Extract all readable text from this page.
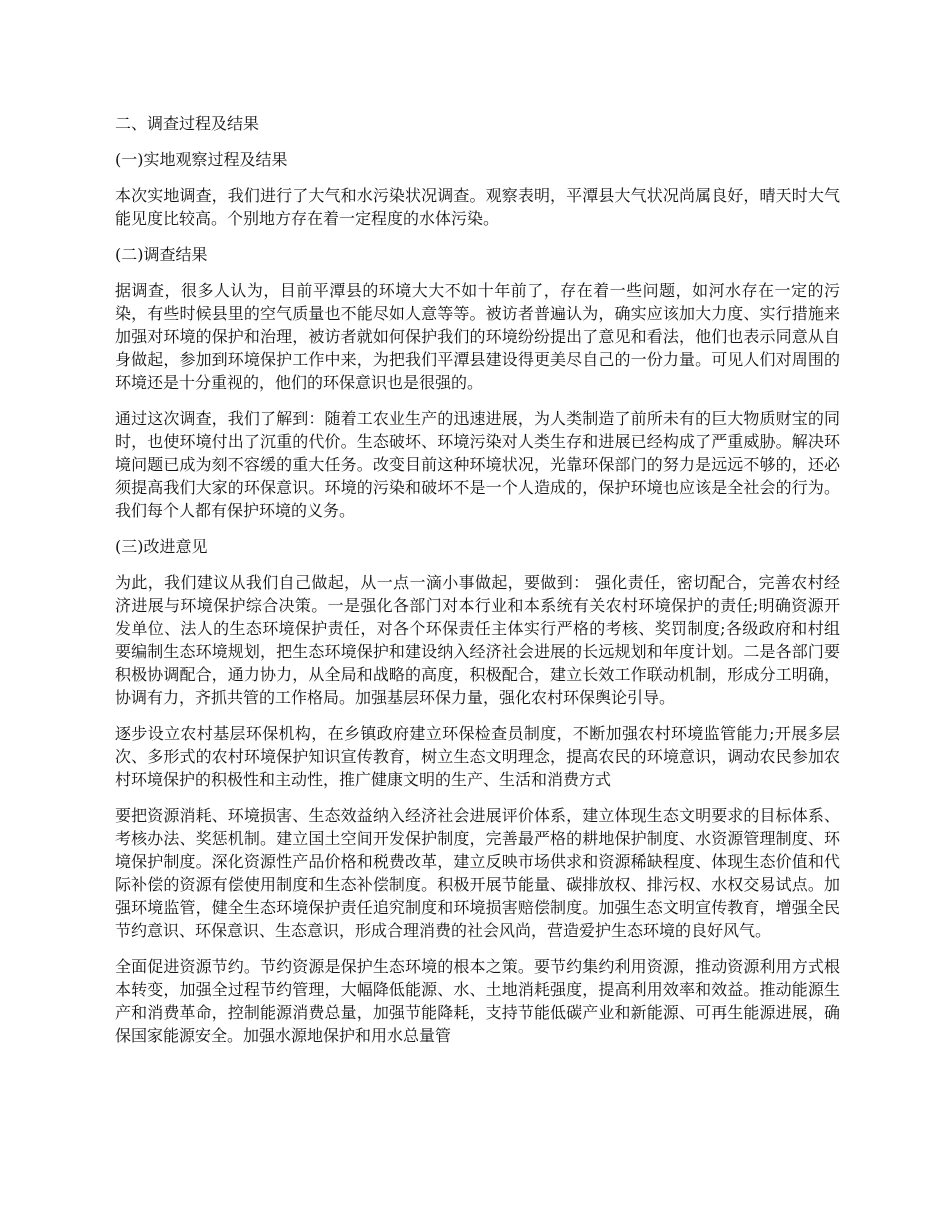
二、调查过程及结果
(一)实地观察过程及结果
本次实地调查，我们进行了大气和水污染状况调查。观察表明，平潭县大气状况尚属良好，晴天时大气能见度比较高。个别地方存在着一定程度的水体污染。
(二)调查结果
据调查，很多人认为，目前平潭县的环境大大不如十年前了，存在着一些问题，如河水存在一定的污染，有些时候县里的空气质量也不能尽如人意等等。被访者普遍认为，确实应该加大力度、实行措施来加强对环境的保护和治理，被访者就如何保护我们的环境纷纷提出了意见和看法，他们也表示同意从自身做起，参加到环境保护工作中来，为把我们平潭县建设得更美尽自己的一份力量。可见人们对周围的环境还是十分重视的，他们的环保意识也是很强的。
通过这次调查，我们了解到：随着工农业生产的迅速进展，为人类制造了前所未有的巨大物质财宝的同时，也使环境付出了沉重的代价。生态破坏、环境污染对人类生存和进展已经构成了严重威胁。解决环境问题已成为刻不容缓的重大任务。改变目前这种环境状况，光靠环保部门的努力是远远不够的，还必须提高我们大家的环保意识。环境的污染和破坏不是一个人造成的，保护环境也应该是全社会的行为。我们每个人都有保护环境的义务。
(三)改进意见
为此，我们建议从我们自己做起，从一点一滴小事做起，要做到： 强化责任，密切配合，完善农村经济进展与环境保护综合决策。一是强化各部门对本行业和本系统有关农村环境保护的责任;明确资源开发单位、法人的生态环境保护责任，对各个环保责任主体实行严格的考核、奖罚制度;各级政府和村组要编制生态环境规划，把生态环境保护和建设纳入经济社会进展的长远规划和年度计划。二是各部门要积极协调配合，通力协力，从全局和战略的高度，积极配合，建立长效工作联动机制，形成分工明确，协调有力，齐抓共管的工作格局。加强基层环保力量，强化农村环保舆论引导。
逐步设立农村基层环保机构，在乡镇政府建立环保检查员制度，不断加强农村环境监管能力;开展多层次、多形式的农村环境保护知识宣传教育，树立生态文明理念，提高农民的环境意识，调动农民参加农村环境保护的积极性和主动性，推广健康文明的生产、生活和消费方式
要把资源消耗、环境损害、生态效益纳入经济社会进展评价体系，建立体现生态文明要求的目标体系、考核办法、奖惩机制。建立国土空间开发保护制度，完善最严格的耕地保护制度、水资源管理制度、环境保护制度。深化资源性产品价格和税费改革，建立反映市场供求和资源稀缺程度、体现生态价值和代际补偿的资源有偿使用制度和生态补偿制度。积极开展节能量、碳排放权、排污权、水权交易试点。加强环境监管，健全生态环境保护责任追究制度和环境损害赔偿制度。加强生态文明宣传教育，增强全民节约意识、环保意识、生态意识，形成合理消费的社会风尚，营造爱护生态环境的良好风气。
全面促进资源节约。节约资源是保护生态环境的根本之策。要节约集约利用资源，推动资源利用方式根本转变，加强全过程节约管理，大幅降低能源、水、土地消耗强度，提高利用效率和效益。推动能源生产和消费革命，控制能源消费总量，加强节能降耗，支持节能低碳产业和新能源、可再生能源进展，确保国家能源安全。加强水源地保护和用水总量管
